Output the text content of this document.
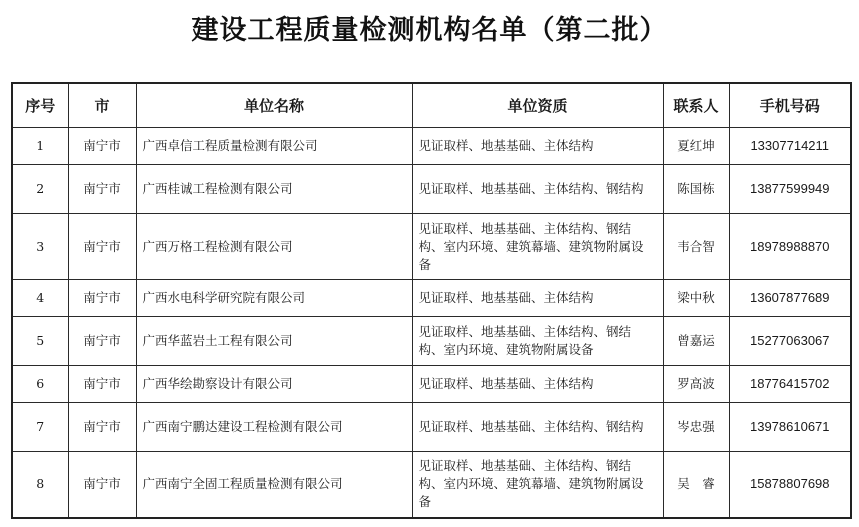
建设工程质量检测机构名单（第二批）
序号	市	单位名称	单位资质	联系人	手机号码
1	南宁市	广西卓信工程质量检测有限公司	见证取样、地基基础、主体结构	夏红坤	13307714211
2	南宁市	广西桂诚工程检测有限公司	见证取样、地基基础、主体结构、钢结构	陈国栋	13877599949
3	南宁市	广西万格工程检测有限公司	见证取样、地基基础、主体结构、钢结构、室内环境、建筑幕墙、建筑物附属设备	韦合智	18978988870
4	南宁市	广西水电科学研究院有限公司	见证取样、地基基础、主体结构	梁中秋	13607877689
5	南宁市	广西华蓝岩土工程有限公司	见证取样、地基基础、主体结构、钢结构、室内环境、建筑物附属设备	曾嘉运	15277063067
6	南宁市	广西华绘勘察设计有限公司	见证取样、地基基础、主体结构	罗高波	18776415702
7	南宁市	广西南宁鹏达建设工程检测有限公司	见证取样、地基基础、主体结构、钢结构	岑忠强	13978610671
8	南宁市	广西南宁全固工程质量检测有限公司	见证取样、地基基础、主体结构、钢结构、室内环境、建筑幕墙、建筑物附属设备	吴　睿	15878807698
